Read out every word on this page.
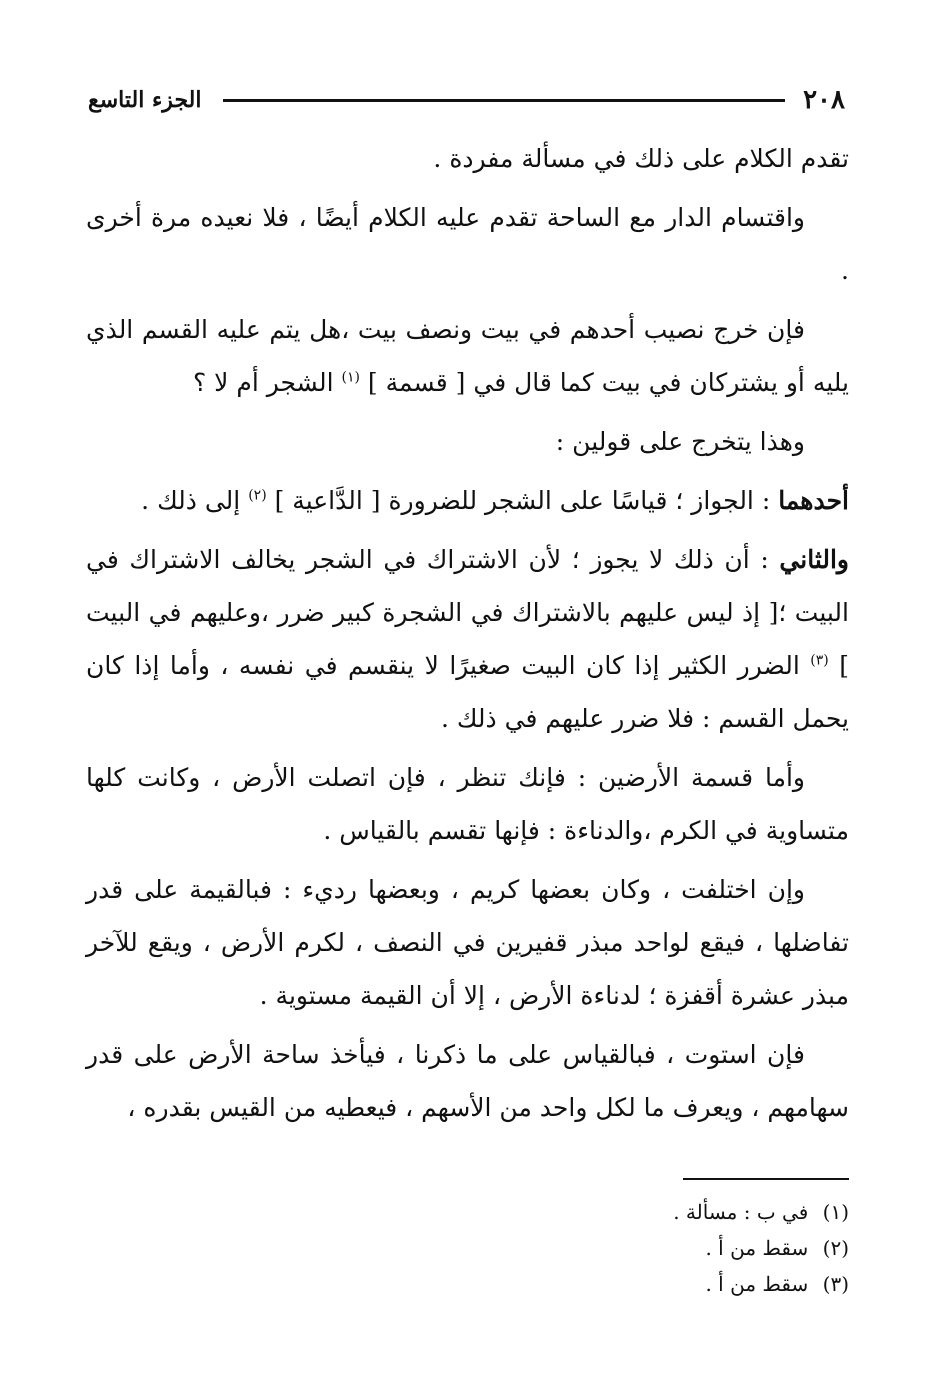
٢٠٨
الجزء التاسع

تقدم الكلام على ذلك في مسألة مفردة .

واقتسام الدار مع الساحة تقدم عليه الكلام أيضًا ، فلا نعيده مرة أخرى .

فإن خرج نصيب أحدهم في بيت ونصف بيت ،هل يتم عليه القسم الذي يليه أو يشتركان في بيت كما قال في [ قسمة ] $^{(١)}$ الشجر أم لا ؟

وهذا يتخرج على قولين :

أحدهما : الجواز ؛ قياسًا على الشجر للضرورة [ الدَّاعية ] $^{(٢)}$ إلى ذلك .

والثاني : أن ذلك لا يجوز ؛ لأن الاشتراك في الشجر يخالف الاشتراك في البيت ؛[ إذ ليس عليهم بالاشتراك في الشجرة كبير ضرر ،وعليهم في البيت ] $^{(٣)}$ الضرر الكثير إذا كان البيت صغيرًا لا ينقسم في نفسه ، وأما إذا كان يحمل القسم : فلا ضرر عليهم في ذلك .

وأما قسمة الأرضين : فإنك تنظر ، فإن اتصلت الأرض ، وكانت كلها متساوية في الكرم ،والدناءة : فإنها تقسم بالقياس .

وإن اختلفت ، وكان بعضها كريم ، وبعضها رديء : فبالقيمة على قدر تفاضلها ، فيقع لواحد مبذر قفيرين في النصف ، لكرم الأرض ، ويقع للآخر مبذر عشرة أقفزة ؛ لدناءة الأرض ، إلا أن القيمة مستوية .

فإن استوت ، فبالقياس على ما ذكرنا ، فيأخذ ساحة الأرض على قدر سهامهم ، ويعرف ما لكل واحد من الأسهم ، فيعطيه من القيس بقدره ،

(١) في ب : مسألة .

(٢) سقط من أ .

(٣) سقط من أ .
